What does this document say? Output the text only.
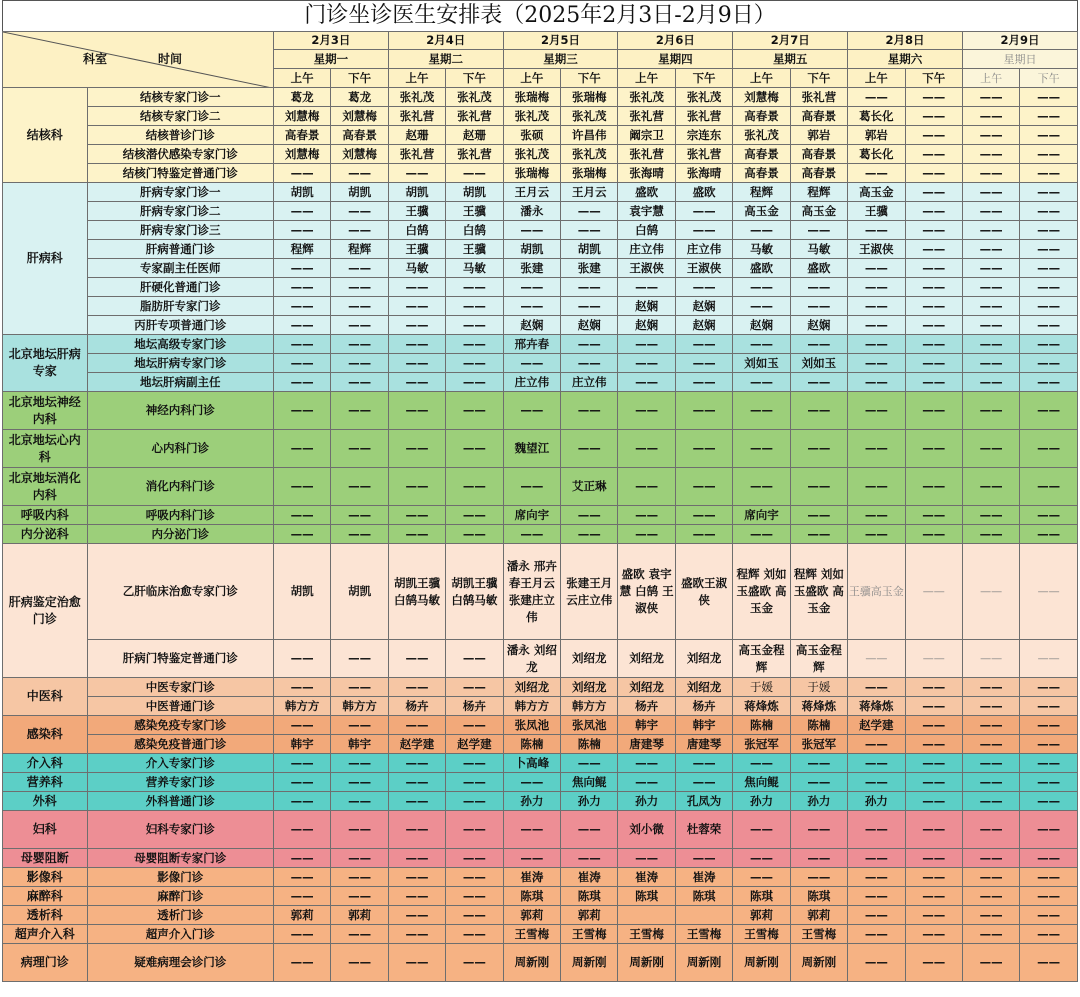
门诊坐诊医生安排表（2025年2月3日-2月9日）
科室 时间		2月3日		2月4日		2月5日		2月6日		2月7日		2月8日		2月9日	
		星期一		星期二		星期三		星期四		星期五		星期六		星期日	
		上午	下午	上午	下午	上午	下午	上午	下午	上午	下午	上午	下午	上午	下午
结核科	结核专家门诊一	葛龙	葛龙	张礼茂	张礼茂	张瑞梅	张瑞梅	张礼茂	张礼茂	刘慧梅	张礼营	——	——	——	——
	结核专家门诊二	刘慧梅	刘慧梅	张礼营	张礼营	张礼茂	张礼茂	张礼营	张礼营	高春景	高春景	葛长化	——	——	——
	结核普诊门诊	高春景	高春景	赵珊	赵珊	张硕	许昌伟	阚宗卫	宗连东	张礼茂	郭岩	郭岩	——	——	——
	结核潜伏感染专家门诊	刘慧梅	刘慧梅	张礼营	张礼营	张礼茂	张礼茂	张礼营	张礼营	高春景	高春景	葛长化	——	——	——
	结核门特鉴定普通门诊	——	——	——	——	张瑞梅	张瑞梅	张海晴	张海晴	高春景	高春景	——	——	——	——
肝病科	肝病专家门诊一	胡凯	胡凯	胡凯	胡凯	王月云	王月云	盛欧	盛欧	程辉	程辉	高玉金	——	——	——
	肝病专家门诊二	——	——	王骥	王骥	潘永	——	袁宇慧	——	高玉金	高玉金	王骥	——	——	——
	肝病专家门诊三	——	——	白鹄	白鹄	——	——	白鹄	——	——	——	——	——	——	——
	肝病普通门诊	程辉	程辉	王骥	王骥	胡凯	胡凯	庄立伟	庄立伟	马敏	马敏	王淑侠	——	——	——
	专家副主任医师	——	——	马敏	马敏	张建	张建	王淑侠	王淑侠	盛欧	盛欧	——	——	——	——
	肝硬化普通门诊	——	——	——	——	——	——	——	——	——	——	——	——	——	——
	脂肪肝专家门诊	——	——	——	——	——	——	赵娴	赵娴	——	——	——	——	——	——
	丙肝专项普通门诊	——	——	——	——	赵娴	赵娴	赵娴	赵娴	赵娴	赵娴	——	——	——	——
北京地坛肝病专家	地坛高级专家门诊	——	——	——	——	邢卉春	——	——	——	——	——	——	——	——	——
	地坛肝病专家门诊	——	——	——	——	——	——	——	——	刘如玉	刘如玉	——	——	——	——
	地坛肝病副主任	——	——	——	——	庄立伟	庄立伟	——	——	——	——	——	——	——	——
北京地坛神经内科	神经内科门诊	——	——	——	——	——	——	——	——	——	——	——	——	——	——
北京地坛心内科	心内科门诊	——	——	——	——	魏望江	——	——	——	——	——	——	——	——	——
北京地坛消化内科	消化内科门诊	——	——	——	——	——	艾正琳	——	——	——	——	——	——	——	——
呼吸内科	呼吸内科门诊	——	——	——	——	席向宇	——	——	——	席向宇	——	——	——	——	——
内分泌科	内分泌门诊	——	——	——	——	——	——	——	——	——	——	——	——	——	——
肝病鉴定治愈门诊	乙肝临床治愈专家门诊	胡凯	胡凯	胡凯王骥白鹄马敏	胡凯王骥白鹄马敏	潘永 邢卉春王月云 张建庄立伟	张建王月云庄立伟	盛欧 袁宇慧 白鹄 王淑侠	盛欧王淑侠	程辉 刘如玉盛欧 高玉金	程辉 刘如玉盛欧 高玉金	王骥高玉金	——	——	——
	肝病门特鉴定普通门诊	——	——	——	——	潘永 刘绍龙	刘绍龙	刘绍龙	刘绍龙	高玉金程辉	高玉金程辉	——	——	——	——
中医科	中医专家门诊	——	——	——	——	刘绍龙	刘绍龙	刘绍龙	刘绍龙	于媛	于媛	——	——	——	——
	中医普通门诊	韩方方	韩方方	杨卉	杨卉	韩方方	韩方方	杨卉	杨卉	蒋烽炼	蒋烽炼	蒋烽炼	——	——	——
感染科	感染免疫专家门诊	——	——	——	——	张凤池	张凤池	韩宇	韩宇	陈楠	陈楠	赵学建	——	——	——
	感染免疫普通门诊	韩宇	韩宇	赵学建	赵学建	陈楠	陈楠	唐建琴	唐建琴	张冠军	张冠军	——	——	——	——
介入科	介入专家门诊	——	——	——	——	卜高峰	——	——	——	——	——	——	——	——	——
营养科	营养专家门诊	——	——	——	——	——	焦向鲲	——	——	焦向鲲	——	——	——	——	——
外科	外科普通门诊	——	——	——	——	孙力	孙力	孙力	孔凤为	孙力	孙力	孙力	——	——	——
妇科	妇科专家门诊	——	——	——	——	——	——	刘小微	杜蓉荣	——	——	——	——	——	——
母婴阻断	母婴阻断专家门诊	——	——	——	——	——	——	——	——	——	——	——	——	——	——
影像科	影像门诊	——	——	——	——	崔涛	崔涛	崔涛	崔涛	——	——	——	——	——	——
麻醉科	麻醉门诊	——	——	——	——	陈琪	陈琪	陈琪	陈琪	陈琪	陈琪	——	——	——	——
透析科	透析门诊	郭莉	郭莉	——	——	郭莉	郭莉			郭莉	郭莉	——	——	——	——
超声介入科	超声介入门诊	——	——	——	——	王雪梅	王雪梅	王雪梅	王雪梅	王雪梅	王雪梅	——	——	——	——
病理门诊	疑难病理会诊门诊	——	——	——	——	周新刚	周新刚	周新刚	周新刚	周新刚	周新刚	——	——	——	——
